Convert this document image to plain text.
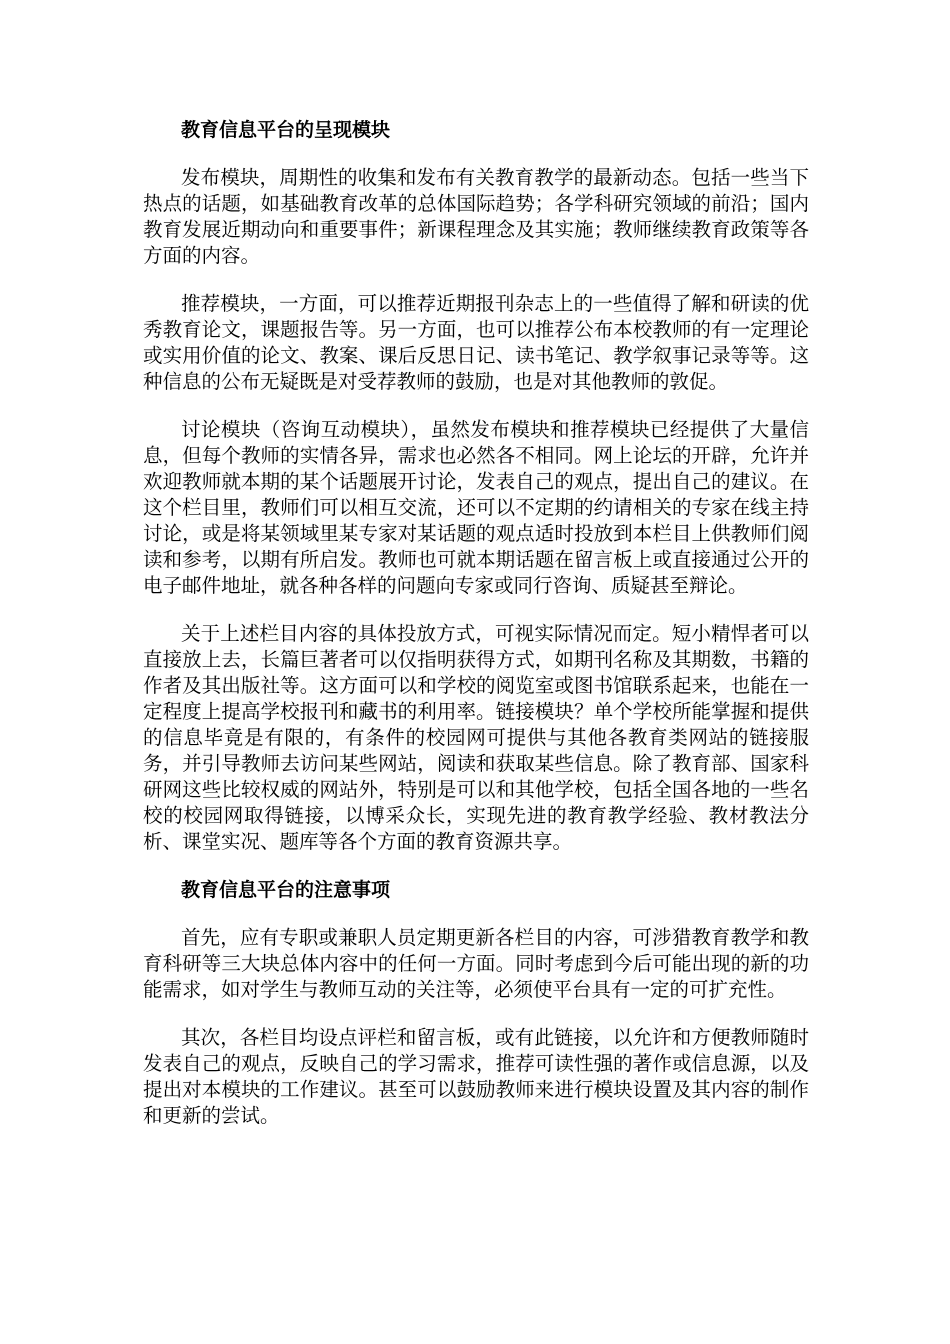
教育信息平台的呈现模块

发布模块，周期性的收集和发布有关教育教学的最新动态。包括一些当下热点的话题，如基础教育改革的总体国际趋势；各学科研究领域的前沿；国内教育发展近期动向和重要事件；新课程理念及其实施；教师继续教育政策等各方面的内容。

推荐模块，一方面，可以推荐近期报刊杂志上的一些值得了解和研读的优秀教育论文，课题报告等。另一方面，也可以推荐公布本校教师的有一定理论或实用价值的论文、教案、课后反思日记、读书笔记、教学叙事记录等等。这种信息的公布无疑既是对受荐教师的鼓励，也是对其他教师的敦促。

讨论模块（咨询互动模块），虽然发布模块和推荐模块已经提供了大量信息，但每个教师的实情各异，需求也必然各不相同。网上论坛的开辟，允许并欢迎教师就本期的某个话题展开讨论，发表自己的观点，提出自己的建议。在这个栏目里，教师们可以相互交流，还可以不定期的约请相关的专家在线主持讨论，或是将某领域里某专家对某话题的观点适时投放到本栏目上供教师们阅读和参考，以期有所启发。教师也可就本期话题在留言板上或直接通过公开的电子邮件地址，就各种各样的问题向专家或同行咨询、质疑甚至辩论。

关于上述栏目内容的具体投放方式，可视实际情况而定。短小精悍者可以直接放上去，长篇巨著者可以仅指明获得方式，如期刊名称及其期数，书籍的作者及其出版社等。这方面可以和学校的阅览室或图书馆联系起来，也能在一定程度上提高学校报刊和藏书的利用率。链接模块？单个学校所能掌握和提供的信息毕竟是有限的，有条件的校园网可提供与其他各教育类网站的链接服务，并引导教师去访问某些网站，阅读和获取某些信息。除了教育部、国家科研网这些比较权威的网站外，特别是可以和其他学校，包括全国各地的一些名校的校园网取得链接，以博采众长，实现先进的教育教学经验、教材教法分析、课堂实况、题库等各个方面的教育资源共享。

教育信息平台的注意事项

首先，应有专职或兼职人员定期更新各栏目的内容，可涉猎教育教学和教育科研等三大块总体内容中的任何一方面。同时考虑到今后可能出现的新的功能需求，如对学生与教师互动的关注等，必须使平台具有一定的可扩充性。

其次，各栏目均设点评栏和留言板，或有此链接，以允许和方便教师随时发表自己的观点，反映自己的学习需求，推荐可读性强的著作或信息源，以及提出对本模块的工作建议。甚至可以鼓励教师来进行模块设置及其内容的制作和更新的尝试。
